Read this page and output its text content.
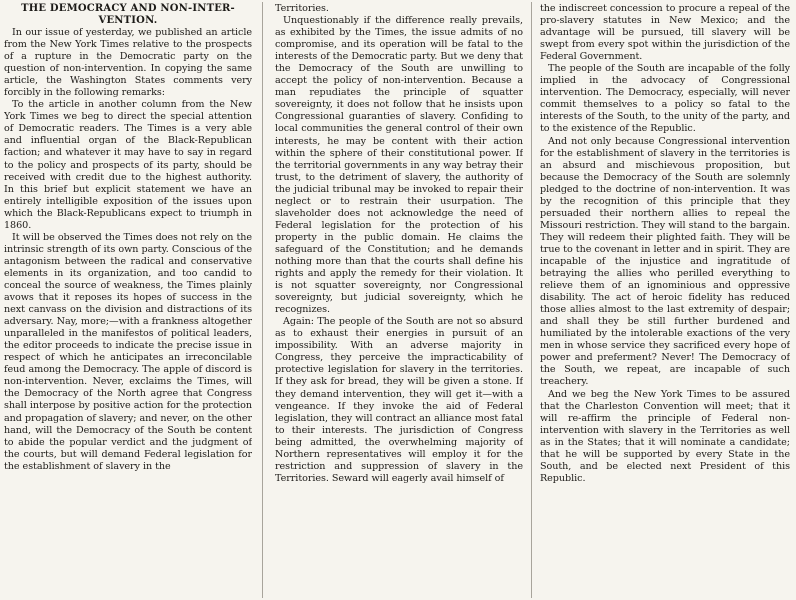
THE DEMOCRACY AND NON-INTER-
VENTION.

In our issue of yesterday, we published an article from the New York Times relative to the prospects of a rupture in the Democratic party on the question of non-intervention. In copying the same article, the Washington States comments very forcibly in the following remarks:

To the article in another column from the New York Times we beg to direct the special attention of Democratic readers. The Times is a very able and influential organ of the Black-Republican faction; and whatever it may have to say in regard to the policy and prospects of its party, should be received with credit due to the highest authority. In this brief but explicit statement we have an entirely intelligible exposition of the issues upon which the Black-Republicans expect to triumph in 1860.

It will be observed the Times does not rely on the intrinsic strength of its own party. Conscious of the antagonism between the radical and conservative elements in its organization, and too candid to conceal the source of weakness, the Times plainly avows that it reposes its hopes of success in the next canvass on the division and distractions of its adversary. Nay, more;—with a frankness altogether unparalleled in the manifestos of political leaders, the editor proceeds to indicate the precise issue in respect of which he anticipates an irreconcilable feud among the Democracy. The apple of discord is non-intervention. Never, exclaims the Times, will the Democracy of the North agree that Congress shall interpose by positive action for the protection and propagation of slavery; and never, on the other hand, will the Democracy of the South be content to abide the popular verdict and the judgment of the courts, but will demand Federal legislation for the establishment of slavery in the

Territories.

Unquestionably if the difference really prevails, as exhibited by the Times, the issue admits of no compromise, and its operation will be fatal to the interests of the Democratic party. But we deny that the Democracy of the South are unwilling to accept the policy of non-intervention. Because a man repudiates the principle of squatter sovereignty, it does not follow that he insists upon Congressional guaranties of slavery. Confiding to local communities the general control of their own interests, he may be content with their action within the sphere of their constitutional power. If the territorial governments in any way betray their trust, to the detriment of slavery, the authority of the judicial tribunal may be invoked to repair their neglect or to restrain their usurpation. The slaveholder does not acknowledge the need of Federal legislation for the protection of his property in the public domain. He claims the safeguard of the Constitution; and he demands nothing more than that the courts shall define his rights and apply the remedy for their violation. It is not squatter sovereignty, nor Congressional sovereignty, but judicial sovereignty, which he recognizes.

Again: The people of the South are not so absurd as to exhaust their energies in pursuit of an impossibility. With an adverse majority in Congress, they perceive the impracticability of protective legislation for slavery in the territories. If they ask for bread, they will be given a stone. If they demand intervention, they will get it—with a vengeance. If they invoke the aid of Federal legislation, they will contract an alliance most fatal to their interests. The jurisdiction of Congress being admitted, the overwhelming majority of Northern representatives will employ it for the restriction and suppression of slavery in the Territories. Seward will eagerly avail himself of

the indiscreet concession to procure a repeal of the pro-slavery statutes in New Mexico; and the advantage will be pursued, till slavery will be swept from every spot within the jurisdiction of the Federal Government.

The people of the South are incapable of the folly implied in the advocacy of Congressional intervention. The Democracy, especially, will never commit themselves to a policy so fatal to the interests of the South, to the unity of the party, and to the existence of the Republic.

And not only because Congressional intervention for the establishment of slavery in the territories is an absurd and mischievous proposition, but because the Democracy of the South are solemnly pledged to the doctrine of non-intervention. It was by the recognition of this principle that they persuaded their northern allies to repeal the Missouri restriction. They will stand to the bargain. They will redeem their plighted faith. They will be true to the covenant in letter and in spirit. They are incapable of the injustice and ingratitude of betraying the allies who perilled everything to relieve them of an ignominious and oppressive disability. The act of heroic fidelity has reduced those allies almost to the last extremity of despair; and shall they be still further burdened and humiliated by the intolerable exactions of the very men in whose service they sacrificed every hope of power and preferment? Never! The Democracy of the South, we repeat, are incapable of such treachery.

And we beg the New York Times to be assured that the Charleston Convention will meet; that it will re-affirm the principle of Federal non-intervention with slavery in the Territories as well as in the States; that it will nominate a candidate; that he will be supported by every State in the South, and be elected next President of this Republic.
